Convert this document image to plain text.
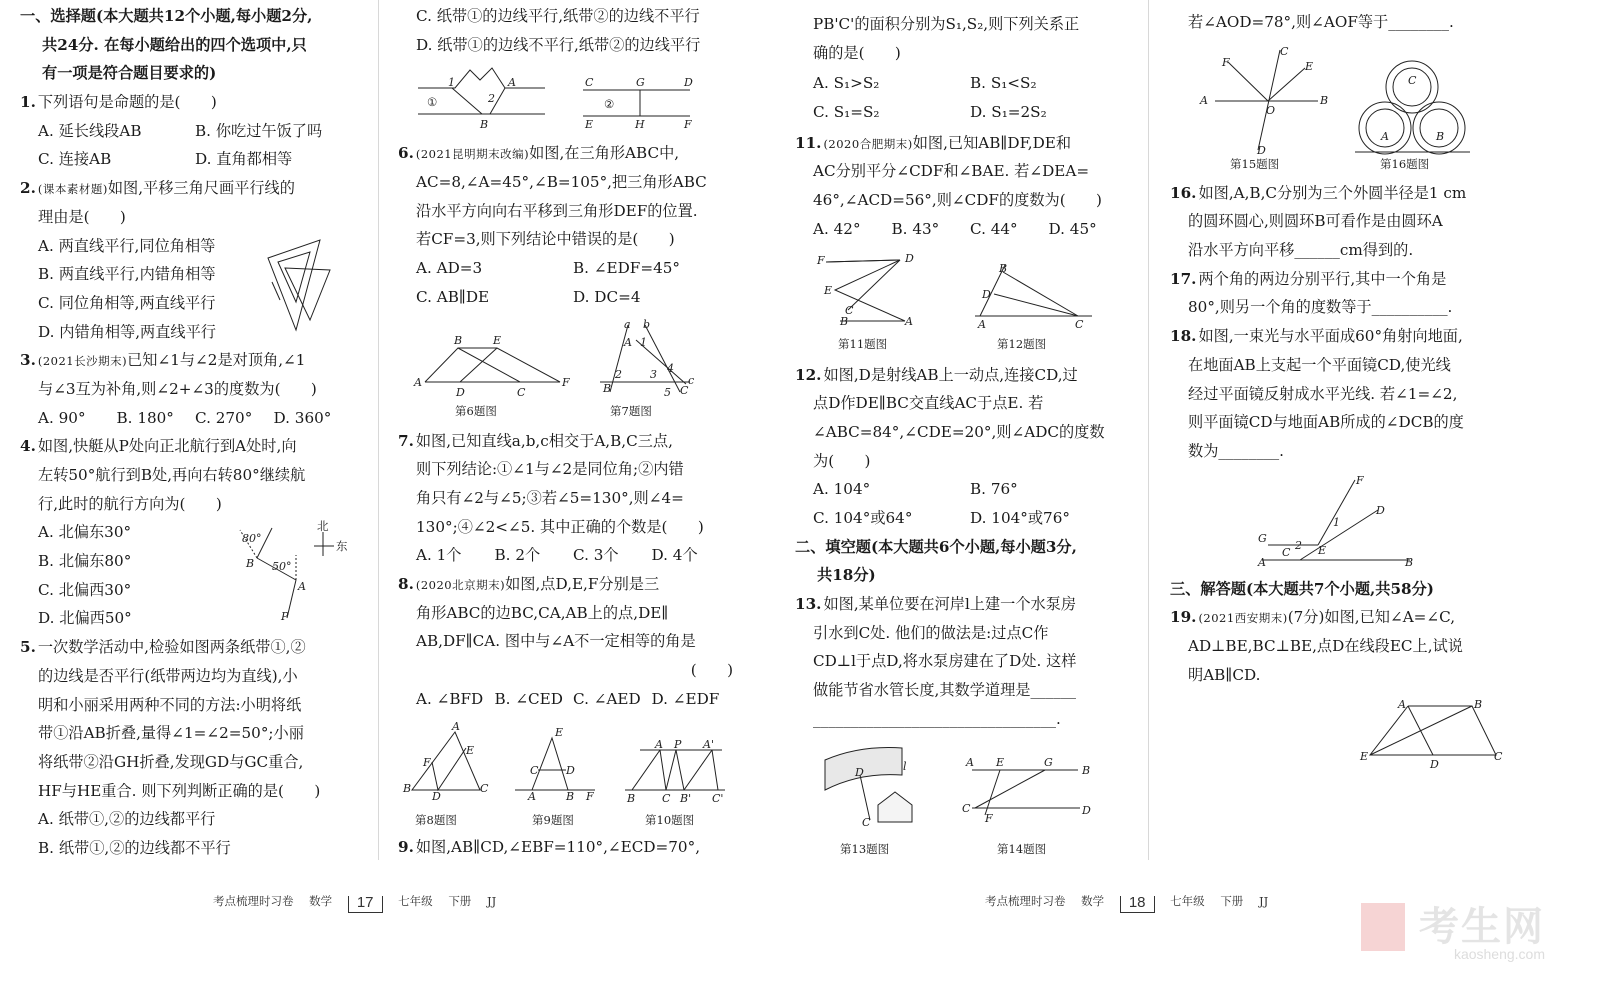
一、选择题(本大题共12个小题,每小题2分,
共24分. 在每小题给出的四个选项中,只
有一项是符合题目要求的)
1. 下列语句是命题的是(　　)
A. 延长线段AB	B. 你吃过午饭了吗
C. 连接AB	D. 直角都相等
2. (课本素材题)如图,平移三角尺画平行线的
理由是(　　)
A. 两直线平行,同位角相等
B. 两直线平行,内错角相等
C. 同位角相等,两直线平行
D. 内错角相等,两直线平行
3. (2021长沙期末)已知∠1与∠2是对顶角,∠1
与∠3互为补角,则∠2+∠3的度数为(　　)
A. 90° B. 180° C. 270° D. 360°
4. 如图,快艇从P处向正北航行到A处时,向
左转50°航行到B处,再向右转80°继续航
行,此时的航行方向为(　　)
A. 北偏东30°
B. 北偏东80°
C. 北偏西30°
D. 北偏西50°
5. 一次数学活动中,检验如图两条纸带①,②
的边线是否平行(纸带两边均为直线),小
明和小丽采用两种不同的方法:小明将纸
带①沿AB折叠,量得∠1=∠2=50°;小丽
将纸带②沿GH折叠,发现GD与GC重合,
HF与HE重合. 则下列判断正确的是(　　)
A. 纸带①,②的边线都平行
B. 纸带①,②的边线都不平行
C. 纸带①的边线平行,纸带②的边线不平行
D. 纸带①的边线不平行,纸带②的边线平行
6. (2021昆明期末改编)如图,在三角形ABC中,
AC=8,∠A=45°,∠B=105°,把三角形ABC
沿水平方向向右平移到三角形DEF的位置.
若CF=3,则下列结论中错误的是(　　)
A. AD=3	B. ∠EDF=45°
C. AB∥DE	D. DC=4
7. 如图,已知直线a,b,c相交于A,B,C三点,
则下列结论:①∠1与∠2是同位角;②内错
角只有∠2与∠5;③若∠5=130°,则∠4=
130°;④∠2<∠5. 其中正确的个数是(　　)
A. 1个 B. 2个 C. 3个 D. 4个
8. (2020北京期末)如图,点D,E,F分别是三
角形ABC的边BC,CA,AB上的点,DE∥
AB,DF∥CA. 图中与∠A不一定相等的角是
(　　)
A. ∠BFD B. ∠CED C. ∠AED D. ∠EDF
9. 如图,AB∥CD,∠EBF=110°,∠ECD=70°,
PB'C'的面积分别为S₁,S₂,则下列关系正
确的是(　　)
A. S₁>S₂	B. S₁<S₂
C. S₁=S₂	D. S₁=2S₂
11. (2020合肥期末)如图,已知AB∥DF,DE和
AC分别平分∠CDF和∠BAE. 若∠DEA=
46°,∠ACD=56°,则∠CDF的度数为(　　)
A. 42° B. 43° C. 44° D. 45°
12. 如图,D是射线AB上一动点,连接CD,过
点D作DE∥BC交直线AC于点E. 若
∠ABC=84°,∠CDE=20°,则∠ADC的度数
为(　　)
A. 104°	B. 76°
C. 104°或64°	D. 104°或76°
二、填空题(本大题共6个小题,每小题3分,
共18分)
13. 如图,某单位要在河岸l上建一个水泵房
引水到C处. 他们的做法是:过点C作
CD⊥l于点D,将水泵房建在了D处. 这样
做能节省水管长度,其数学道理是______
________________________________.
若∠AOD=78°,则∠AOF等于________.
16. 如图,A,B,C分别为三个外圆半径是1 cm
的圆环圆心,则圆环B可看作是由圆环A
沿水平方向平移______cm得到的.
17. 两个角的两边分别平行,其中一个角是
80°,则另一个角的度数等于__________.
18. 如图,一束光与水平面成60°角射向地面,
在地面AB上支起一个平面镜CD,使光线
经过平面镜反射成水平光线. 若∠1=∠2,
则平面镜CD与地面AB所成的∠DCB的度
数为________.
三、解答题(本大题共7个小题,共58分)
19. (2021西安期末)(7分)如图,已知∠A=∠C,
AD⊥BE,BC⊥BE,点D在线段EC上,试说
明AB∥CD.
80°
50°
B
A
P
北
东
①
1
2
A
B
C	G	D
②
E	H	F
B	E
A
D	C
F
第6题图
a b
A 1
2	3 4
5
B	C
c
第7题图
A
F
E
B
D
C
第8题图
E
C	D
A	B F
第9题图
A P A'
B C B' C'
第10题图
F	D
E
C
B	A
第11题图
B
D
A	C
第12题图
D	l
C
第13题图
A E	G
B
C
F
D
第14题图
F
C
E
A
O
B
D
第15题图
C
A	B
第16题图
F
D
G
1
2
C	E
A	B
A	B
E
D
C
考点梳理时习卷 数学 17 七年级 下册 JJ	考点梳理时习卷 数学 18 七年级 下册 JJ
考生网
kaosheng.com
